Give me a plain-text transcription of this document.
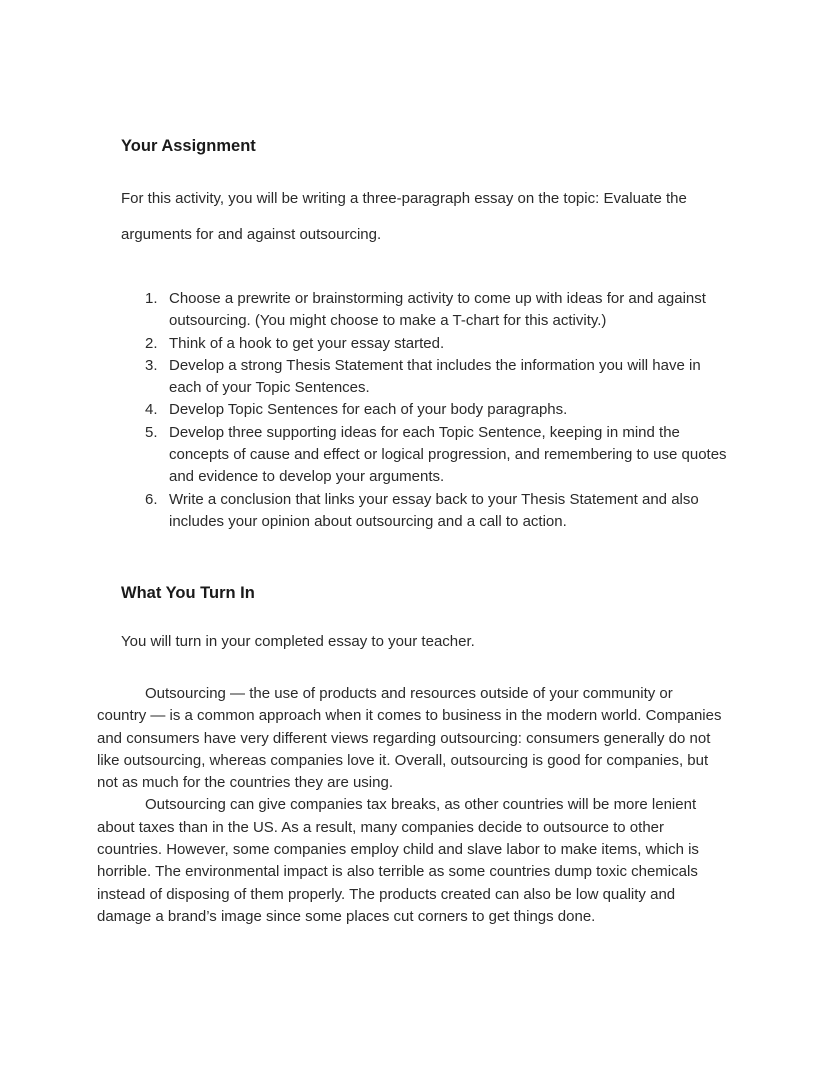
Your Assignment

For this activity, you will be writing a three-paragraph essay on the topic: Evaluate the arguments for and against outsourcing.

1. Choose a prewrite or brainstorming activity to come up with ideas for and against outsourcing. (You might choose to make a T-chart for this activity.)
2. Think of a hook to get your essay started.
3. Develop a strong Thesis Statement that includes the information you will have in each of your Topic Sentences.
4. Develop Topic Sentences for each of your body paragraphs.
5. Develop three supporting ideas for each Topic Sentence, keeping in mind the concepts of cause and effect or logical progression, and remembering to use quotes and evidence to develop your arguments.
6. Write a conclusion that links your essay back to your Thesis Statement and also includes your opinion about outsourcing and a call to action.
What You Turn In

You will turn in your completed essay to your teacher.

Outsourcing — the use of products and resources outside of your community or country — is a common approach when it comes to business in the modern world. Companies and consumers have very different views regarding outsourcing: consumers generally do not like outsourcing, whereas companies love it. Overall, outsourcing is good for companies, but not as much for the countries they are using.

Outsourcing can give companies tax breaks, as other countries will be more lenient about taxes than in the US. As a result, many companies decide to outsource to other countries. However, some companies employ child and slave labor to make items, which is horrible. The environmental impact is also terrible as some countries dump toxic chemicals instead of disposing of them properly. The products created can also be low quality and damage a brand’s image since some places cut corners to get things done.
